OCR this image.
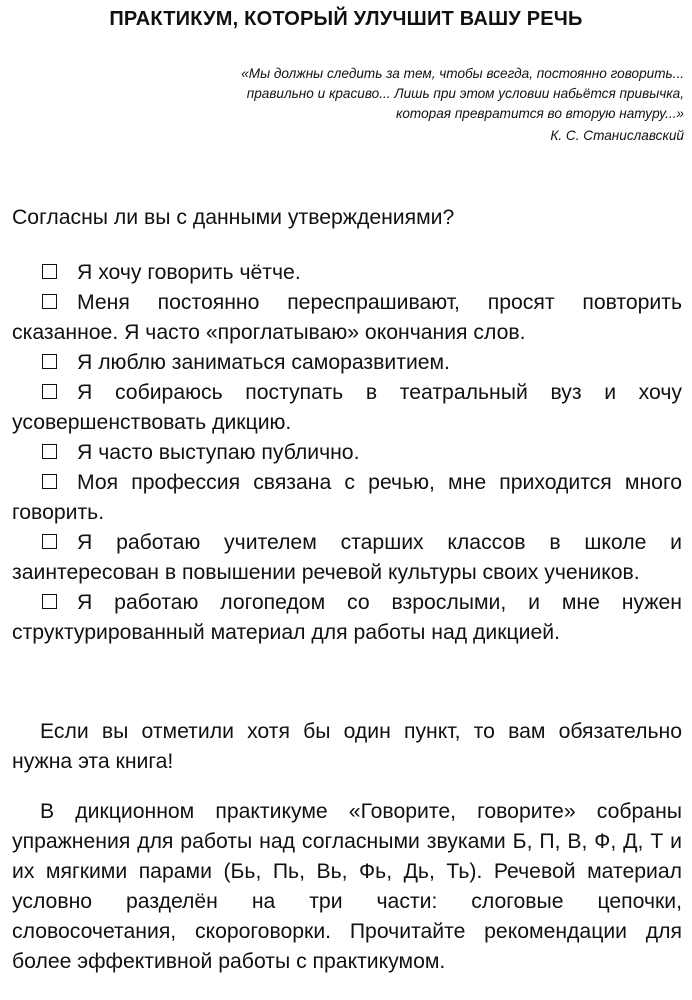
ПРАКТИКУМ, КОТОРЫЙ УЛУЧШИТ ВАШУ РЕЧЬ
«Мы должны следить за тем, чтобы всегда, постоянно говорить...
правильно и красиво... Лишь при этом условии набьётся привычка,
которая превратится во вторую натуру...»
К. С. Станиславский
Согласны ли вы с данными утверждениями?
Я хочу говорить чётче.
Меня постоянно переспрашивают, просят повторить сказанное. Я часто «проглатываю» окончания слов.
Я люблю заниматься саморазвитием.
Я собираюсь поступать в театральный вуз и хочу усовершенствовать дикцию.
Я часто выступаю публично.
Моя профессия связана с речью, мне приходится много говорить.
Я работаю учителем старших классов в школе и заинтересован в повышении речевой культуры своих учеников.
Я работаю логопедом со взрослыми, и мне нужен структурированный материал для работы над дикцией.
Если вы отметили хотя бы один пункт, то вам обязательно нужна эта книга!
В дикционном практикуме «Говорите, говорите» собраны упражнения для работы над согласными звуками Б, П, В, Ф, Д, Т и их мягкими парами (Бь, Пь, Вь, Фь, Дь, Ть). Речевой материал условно разделён на три части: слоговые цепочки, словосочетания, скороговорки. Прочитайте рекомендации для более эффективной работы с практикумом.
